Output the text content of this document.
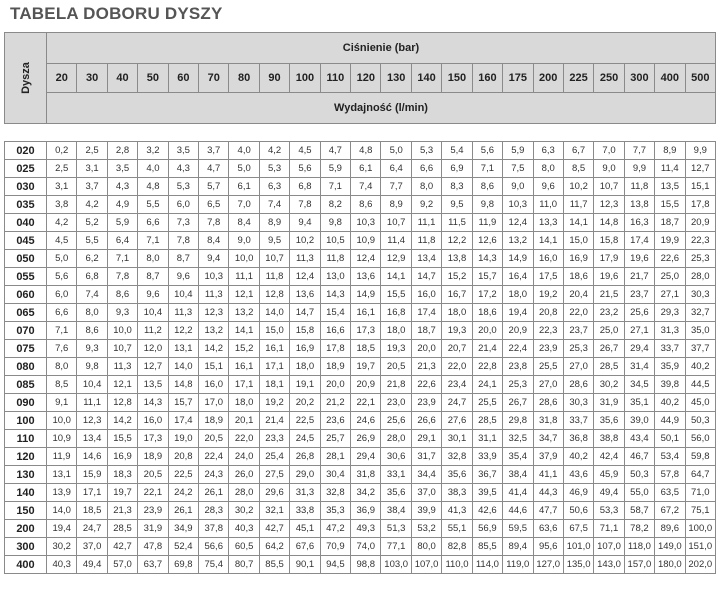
TABELA DOBORU DYSZY
Dysza	Ciśnienie (bar)																					
	20	30	40	50	60	70	80	90	100	110	120	130	140	150	160	175	200	225	250	300	400	500
	Wydajność (l/min)																					

020	0,2	2,5	2,8	3,2	3,5	3,7	4,0	4,2	4,5	4,7	4,8	5,0	5,3	5,4	5,6	5,9	6,3	6,7	7,0	7,7	8,9	9,9
025	2,5	3,1	3,5	4,0	4,3	4,7	5,0	5,3	5,6	5,9	6,1	6,4	6,6	6,9	7,1	7,5	8,0	8,5	9,0	9,9	11,4	12,7
030	3,1	3,7	4,3	4,8	5,3	5,7	6,1	6,3	6,8	7,1	7,4	7,7	8,0	8,3	8,6	9,0	9,6	10,2	10,7	11,8	13,5	15,1
035	3,8	4,2	4,9	5,5	6,0	6,5	7,0	7,4	7,8	8,2	8,6	8,9	9,2	9,5	9,8	10,3	11,0	11,7	12,3	13,8	15,5	17,8
040	4,2	5,2	5,9	6,6	7,3	7,8	8,4	8,9	9,4	9,8	10,3	10,7	11,1	11,5	11,9	12,4	13,3	14,1	14,8	16,3	18,7	20,9
045	4,5	5,5	6,4	7,1	7,8	8,4	9,0	9,5	10,2	10,5	10,9	11,4	11,8	12,2	12,6	13,2	14,1	15,0	15,8	17,4	19,9	22,3
050	5,0	6,2	7,1	8,0	8,7	9,4	10,0	10,7	11,3	11,8	12,4	12,9	13,4	13,8	14,3	14,9	16,0	16,9	17,9	19,6	22,6	25,3
055	5,6	6,8	7,8	8,7	9,6	10,3	11,1	11,8	12,4	13,0	13,6	14,1	14,7	15,2	15,7	16,4	17,5	18,6	19,6	21,7	25,0	28,0
060	6,0	7,4	8,6	9,6	10,4	11,3	12,1	12,8	13,6	14,3	14,9	15,5	16,0	16,7	17,2	18,0	19,2	20,4	21,5	23,7	27,1	30,3
065	6,6	8,0	9,3	10,4	11,3	12,3	13,2	14,0	14,7	15,4	16,1	16,8	17,4	18,0	18,6	19,4	20,8	22,0	23,2	25,6	29,3	32,7
070	7,1	8,6	10,0	11,2	12,2	13,2	14,1	15,0	15,8	16,6	17,3	18,0	18,7	19,3	20,0	20,9	22,3	23,7	25,0	27,1	31,3	35,0
075	7,6	9,3	10,7	12,0	13,1	14,2	15,2	16,1	16,9	17,8	18,5	19,3	20,0	20,7	21,4	22,4	23,9	25,3	26,7	29,4	33,7	37,7
080	8,0	9,8	11,3	12,7	14,0	15,1	16,1	17,1	18,0	18,9	19,7	20,5	21,3	22,0	22,8	23,8	25,5	27,0	28,5	31,4	35,9	40,2
085	8,5	10,4	12,1	13,5	14,8	16,0	17,1	18,1	19,1	20,0	20,9	21,8	22,6	23,4	24,1	25,3	27,0	28,6	30,2	34,5	39,8	44,5
090	9,1	11,1	12,8	14,3	15,7	17,0	18,0	19,2	20,2	21,2	22,1	23,0	23,9	24,7	25,5	26,7	28,6	30,3	31,9	35,1	40,2	45,0
100	10,0	12,3	14,2	16,0	17,4	18,9	20,1	21,4	22,5	23,6	24,6	25,6	26,6	27,6	28,5	29,8	31,8	33,7	35,6	39,0	44,9	50,3
110	10,9	13,4	15,5	17,3	19,0	20,5	22,0	23,3	24,5	25,7	26,9	28,0	29,1	30,1	31,1	32,5	34,7	36,8	38,8	43,4	50,1	56,0
120	11,9	14,6	16,9	18,9	20,8	22,4	24,0	25,4	26,8	28,1	29,4	30,6	31,7	32,8	33,9	35,4	37,9	40,2	42,4	46,7	53,4	59,8
130	13,1	15,9	18,3	20,5	22,5	24,3	26,0	27,5	29,0	30,4	31,8	33,1	34,4	35,6	36,7	38,4	41,1	43,6	45,9	50,3	57,8	64,7
140	13,9	17,1	19,7	22,1	24,2	26,1	28,0	29,6	31,3	32,8	34,2	35,6	37,0	38,3	39,5	41,4	44,3	46,9	49,4	55,0	63,5	71,0
150	14,0	18,5	21,3	23,9	26,1	28,3	30,2	32,1	33,8	35,3	36,9	38,4	39,9	41,3	42,6	44,6	47,7	50,6	53,3	58,7	67,2	75,1
200	19,4	24,7	28,5	31,9	34,9	37,8	40,3	42,7	45,1	47,2	49,3	51,3	53,2	55,1	56,9	59,5	63,6	67,5	71,1	78,2	89,6	100,0
300	30,2	37,0	42,7	47,8	52,4	56,6	60,5	64,2	67,6	70,9	74,0	77,1	80,0	82,8	85,5	89,4	95,6	101,0	107,0	118,0	149,0	151,0
400	40,3	49,4	57,0	63,7	69,8	75,4	80,7	85,5	90,1	94,5	98,8	103,0	107,0	110,0	114,0	119,0	127,0	135,0	143,0	157,0	180,0	202,0
